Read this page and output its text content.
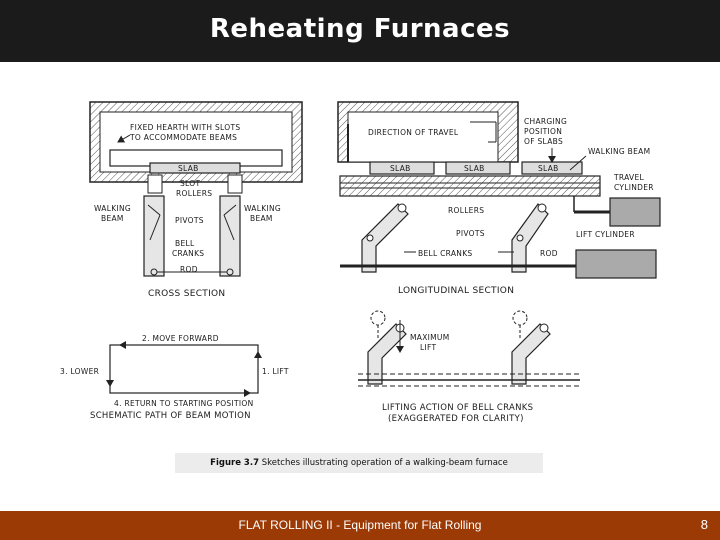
Reheating Furnaces
FIXED HEARTH WITH SLOTS
TO ACCOMMODATE BEAMS
SLAB
SLOT
ROLLERS
WALKING
BEAM
WALKING
BEAM
PIVOTS
BELL
CRANKS
ROD
CROSS SECTION
DIRECTION OF TRAVEL
SLAB	SLAB	SLAB
CHARGING
POSITION
OF SLABS
WALKING BEAM
TRAVEL
CYLINDER
ROLLERS
PIVOTS
BELL CRANKS	ROD
LIFT CYLINDER
LONGITUDINAL SECTION
2. MOVE FORWARD
3. LOWER	1. LIFT
4. RETURN TO STARTING POSITION
SCHEMATIC PATH OF BEAM MOTION
MAXIMUM
LIFT
LIFTING ACTION OF BELL CRANKS
(EXAGGERATED FOR CLARITY)
Figure 3.7 Sketches illustrating operation of a walking-beam furnace
FLAT ROLLING II - Equipment for Flat Rolling	8
